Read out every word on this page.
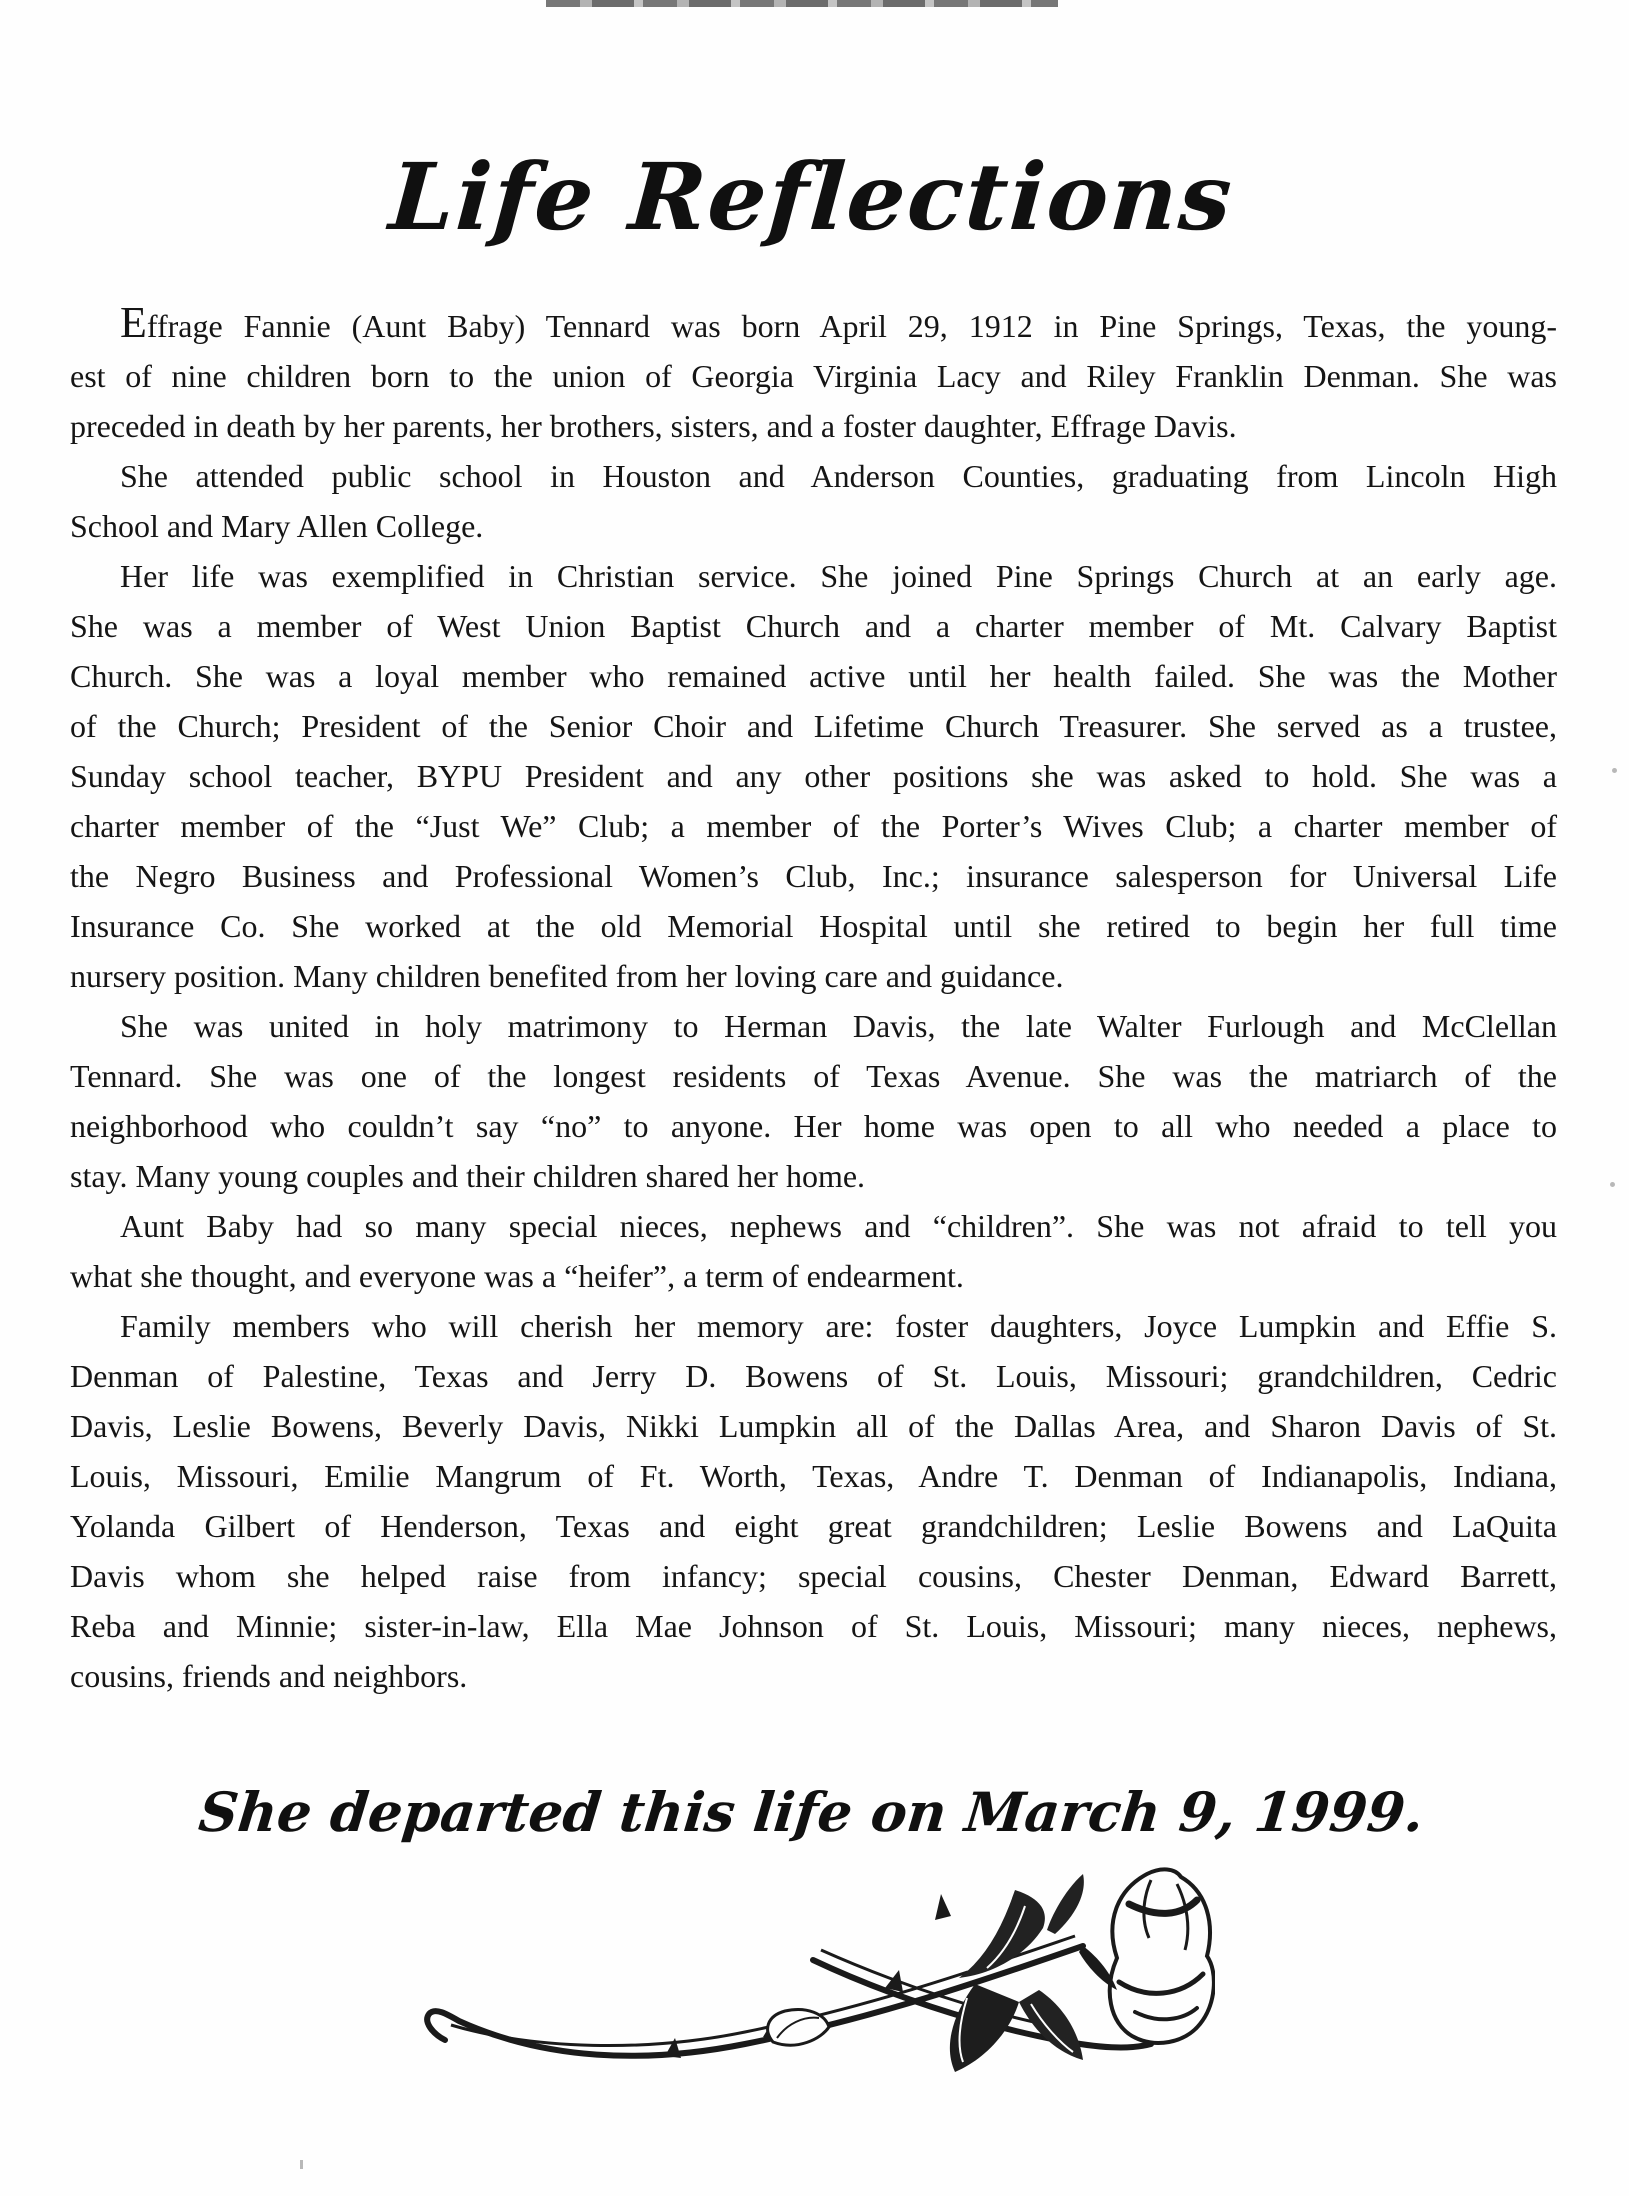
Life Reflections
Effrage Fannie (Aunt Baby) Tennard was born April 29, 1912 in Pine Springs, Texas, the young-
est of nine children born to the union of Georgia Virginia Lacy and Riley Franklin Denman. She was
preceded in death by her parents, her brothers, sisters, and a foster daughter, Effrage Davis.
She attended public school in Houston and Anderson Counties, graduating from Lincoln High
School and Mary Allen College.
Her life was exemplified in Christian service. She joined Pine Springs Church at an early age.
She was a member of West Union Baptist Church and a charter member of Mt. Calvary Baptist
Church. She was a loyal member who remained active until her health failed. She was the Mother
of the Church; President of the Senior Choir and Lifetime Church Treasurer. She served as a trustee,
Sunday school teacher, BYPU President and any other positions she was asked to hold. She was a
charter member of the “Just We” Club; a member of the Porter’s Wives Club; a charter member of
the Negro Business and Professional Women’s Club, Inc.; insurance salesperson for Universal Life
Insurance Co. She worked at the old Memorial Hospital until she retired to begin her full time
nursery position. Many children benefited from her loving care and guidance.
She was united in holy matrimony to Herman Davis, the late Walter Furlough and McClellan
Tennard. She was one of the longest residents of Texas Avenue. She was the matriarch of the
neighborhood who couldn’t say “no” to anyone. Her home was open to all who needed a place to
stay. Many young couples and their children shared her home.
Aunt Baby had so many special nieces, nephews and “children”. She was not afraid to tell you
what she thought, and everyone was a “heifer”, a term of endearment.
Family members who will cherish her memory are: foster daughters, Joyce Lumpkin and Effie S.
Denman of Palestine, Texas and Jerry D. Bowens of St. Louis, Missouri; grandchildren, Cedric
Davis, Leslie Bowens, Beverly Davis, Nikki Lumpkin all of the Dallas Area, and Sharon Davis of St.
Louis, Missouri, Emilie Mangrum of Ft. Worth, Texas, Andre T. Denman of Indianapolis, Indiana,
Yolanda Gilbert of Henderson, Texas and eight great grandchildren; Leslie Bowens and LaQuita
Davis whom she helped raise from infancy; special cousins, Chester Denman, Edward Barrett,
Reba and Minnie; sister-in-law, Ella Mae Johnson of St. Louis, Missouri; many nieces, nephews,
cousins, friends and neighbors.
She departed this life on March 9, 1999.
